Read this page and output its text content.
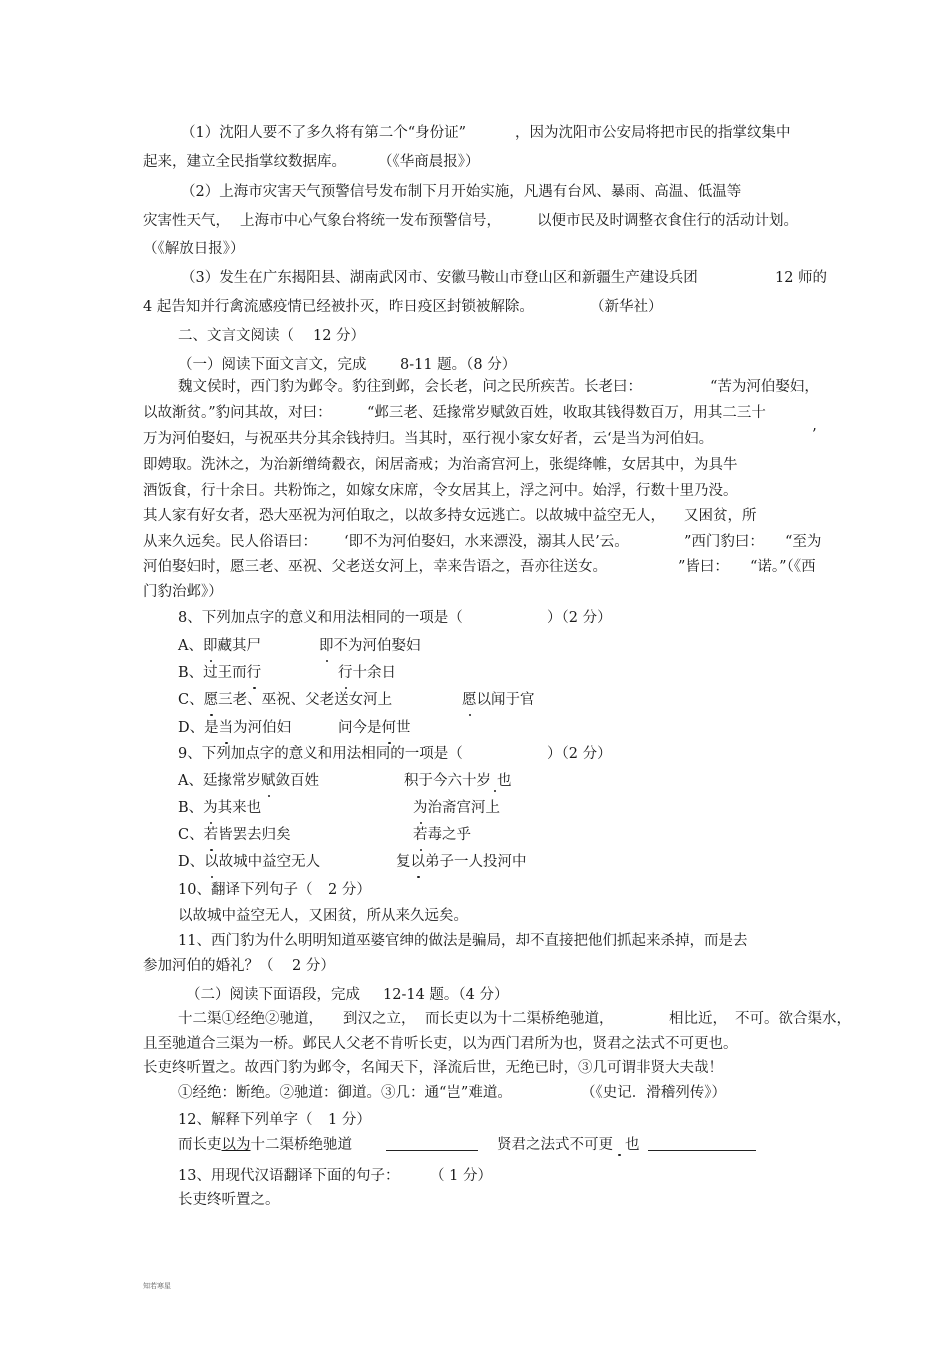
（1）沈阳人要不了多久将有第二个“身份证”	，因为沈阳市公安局将把市民的指掌纹集中
起来，建立全民指掌纹数据库。 （《华商晨报》）
（2）上海市灾害天气预警信号发布制下月开始实施，凡遇有台风、暴雨、高温、低温等
灾害性天气， 上海市中心气象台将统一发布预警信号， 以便市民及时调整衣食住行的活动计划。
（《解放日报》）
（3）发生在广东揭阳县、湖南武冈市、安徽马鞍山市登山区和新疆生产建设兵团	12 师的
4 起告知并行禽流感疫情已经被扑灭，昨日疫区封锁被解除。	（新华社）
二、文言文阅读（ 12 分）
（一）阅读下面文言文，完成 8-11 题。（8 分）
魏文侯时，西门豹为邺令。豹往到邺，会长老，问之民所疾苦。长老曰：	“苦为河伯娶妇，
以故渐贫。”豹问其故，对曰： “邺三老、廷掾常岁赋敛百姓，收取其钱得数百万，用其二三十
万为河伯娶妇，与祝巫共分其余钱持归。当其时，巫行视小家女好者，云‘是当为河伯妇。	’
即娉取。洗沐之，为治新缯绮縠衣，闲居斋戒；为治斋宫河上，张缇绛帷，女居其中，为具牛
酒饭食，行十余日。共粉饰之，如嫁女床席，令女居其上，浮之河中。始浮，行数十里乃没。
其人家有好女者，恐大巫祝为河伯取之，以故多持女远逃亡。以故城中益空无人， 又困贫，所
从来久远矣。民人俗语曰： ‘即不为河伯娶妇，水来漂没，溺其人民’云。	”西门豹曰： “至为
河伯娶妇时，愿三老、巫祝、父老送女河上，幸来告语之，吾亦往送女。	”皆曰： “诺。”（《西
门豹治邺》）
8、下列加点字的意义和用法相同的一项是（	）（2 分）
A、即藏其尸	即不为河伯娶妇
B、过王而行	行十余日
C、愿三老、巫祝、父老送女河上	愿以闻于官
D、是当为河伯妇	问今是何世
9、下列加点字的意义和用法相同的一项是（	）（2 分）
A、廷掾常岁赋敛百姓	积于今六十岁 也
B、为其来也	为治斋宫河上
C、若皆罢去归矣	若毒之乎
D、以故城中益空无人	复以弟子一人投河中
10、翻译下列句子（ 2 分）
以故城中益空无人，又困贫，所从来久远矣。
11、西门豹为什么明明知道巫婆官绅的做法是骗局，却不直接把他们抓起来杀掉，而是去
参加河伯的婚礼？（ 2 分）
（二）阅读下面语段，完成 12-14 题。（4 分）
十二渠①经绝②驰道， 到汉之立， 而长吏以为十二渠桥绝驰道，	相比近， 不可。欲合渠水，
且至驰道合三渠为一桥。邺民人父老不肯听长吏，以为西门君所为也，贤君之法式不可更也。
长吏终听置之。故西门豹为邺令，名闻天下，泽流后世，无绝已时，③几可谓非贤大夫哉！
①经绝：断绝。②驰道：御道。③几：通“岂”难道。	（《史记．滑稽列传》）
12、解释下列单字（ 1 分）
而长吏以为十二渠桥绝驰道	贤君之法式不可更 也
13、用现代汉语翻译下面的句子： （ 1 分）
长吏终听置之。
知若寒星
